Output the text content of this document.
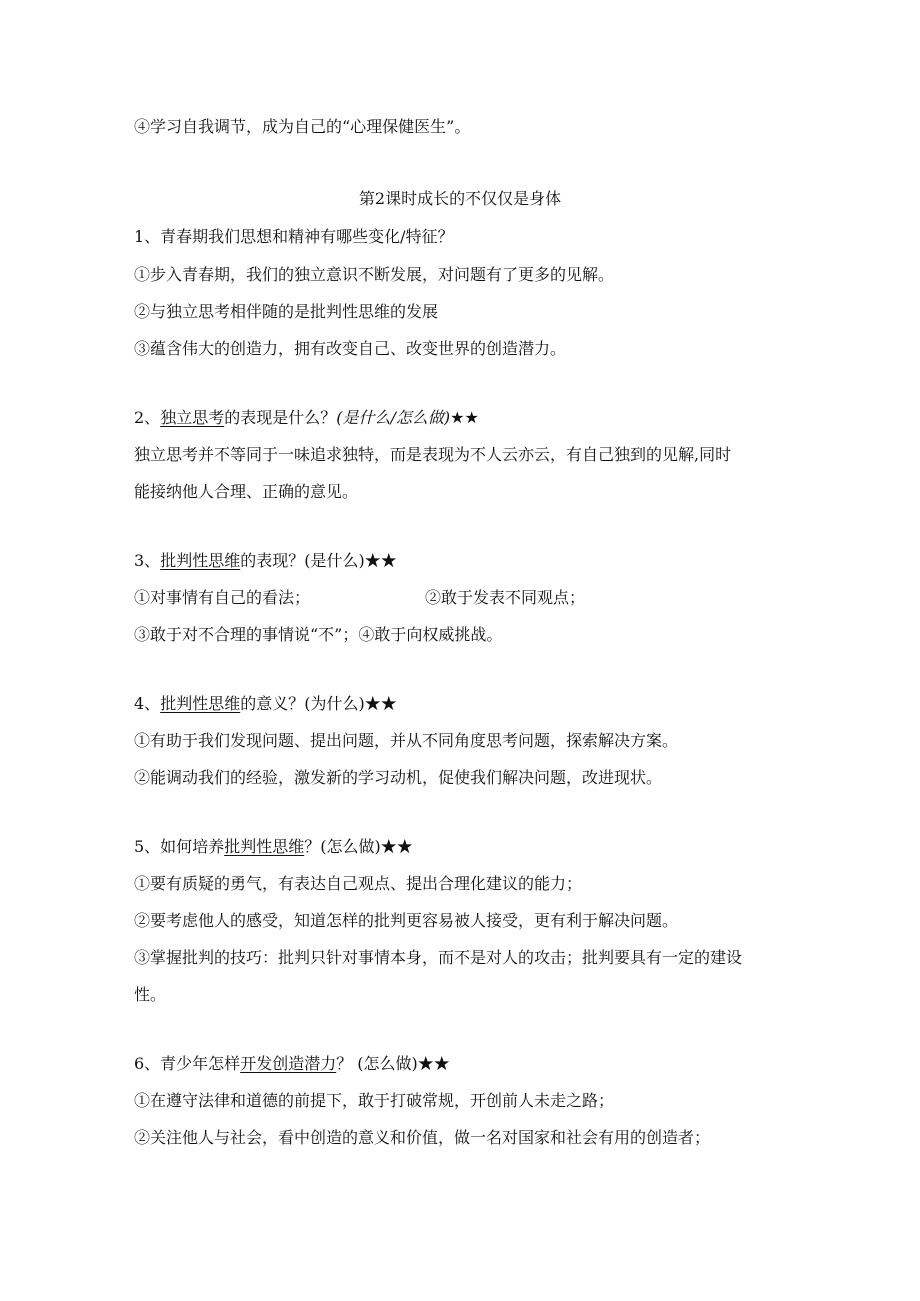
④学习自我调节，成为自己的“心理保健医生”。
第2课时成长的不仅仅是身体
1、青春期我们思想和精神有哪些变化/特征？
①步入青春期，我们的独立意识不断发展，对问题有了更多的见解。
②与独立思考相伴随的是批判性思维的发展
③蕴含伟大的创造力，拥有改变自己、改变世界的创造潜力。
2、独立思考的表现是什么？(是什么/怎么做)★★
独立思考并不等同于一味追求独特，而是表现为不人云亦云，有自己独到的见解,同时
能接纳他人合理、正确的意见。
3、批判性思维的表现？(是什么)★★
①对事情有自己的看法；	②敢于发表不同观点；
③敢于对不合理的事情说“不”；④敢于向权威挑战。
4、批判性思维的意义？(为什么)★★
①有助于我们发现问题、提出问题，并从不同角度思考问题，探索解决方案。
②能调动我们的经验，激发新的学习动机，促使我们解决问题，改进现状。
5、如何培养批判性思维？(怎么做)★★
①要有质疑的勇气，有表达自己观点、提出合理化建议的能力；
②要考虑他人的感受，知道怎样的批判更容易被人接受，更有利于解决问题。
③掌握批判的技巧：批判只针对事情本身，而不是对人的攻击；批判要具有一定的建设
性。
6、青少年怎样开发创造潜力？ (怎么做)★★
①在遵守法律和道德的前提下，敢于打破常规，开创前人未走之路；
②关注他人与社会，看中创造的意义和价值，做一名对国家和社会有用的创造者；
